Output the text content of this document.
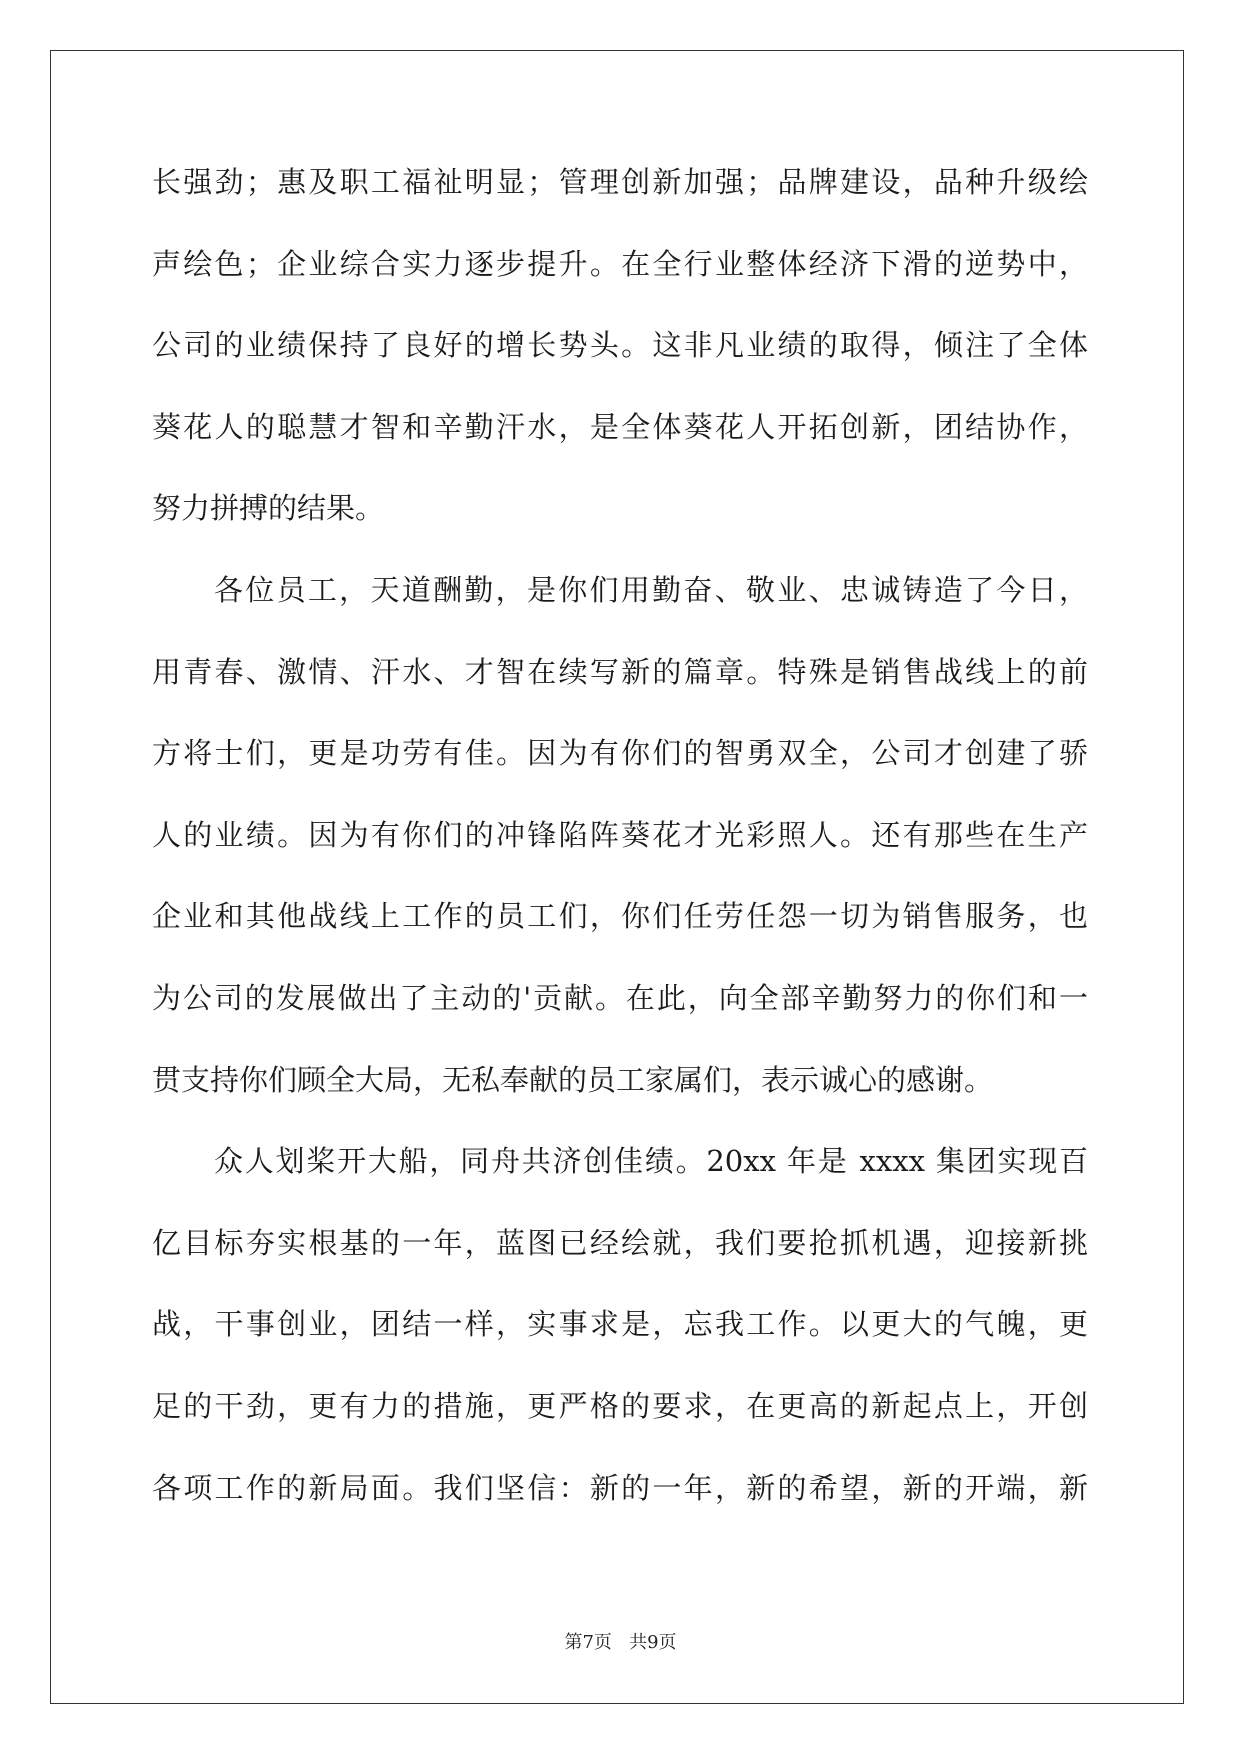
长强劲；惠及职工福祉明显；管理创新加强；品牌建设，品种升级绘
声绘色；企业综合实力逐步提升。在全行业整体经济下滑的逆势中，
公司的业绩保持了良好的增长势头。这非凡业绩的取得，倾注了全体
葵花人的聪慧才智和辛勤汗水，是全体葵花人开拓创新，团结协作，
努力拼搏的结果。
各位员工，天道酬勤，是你们用勤奋、敬业、忠诚铸造了今日，
用青春、激情、汗水、才智在续写新的篇章。特殊是销售战线上的前
方将士们，更是功劳有佳。因为有你们的智勇双全，公司才创建了骄
人的业绩。因为有你们的冲锋陷阵葵花才光彩照人。还有那些在生产
企业和其他战线上工作的员工们，你们任劳任怨一切为销售服务，也
为公司的发展做出了主动的'贡献。在此，向全部辛勤努力的你们和一
贯支持你们顾全大局，无私奉献的员工家属们，表示诚心的感谢。
众人划桨开大船，同舟共济创佳绩。20xx 年是 xxxx 集团实现百
亿目标夯实根基的一年，蓝图已经绘就，我们要抢抓机遇，迎接新挑
战，干事创业，团结一样，实事求是，忘我工作。以更大的气魄，更
足的干劲，更有力的措施，更严格的要求，在更高的新起点上，开创
各项工作的新局面。我们坚信：新的一年，新的希望，新的开端，新
第7页 共9页
